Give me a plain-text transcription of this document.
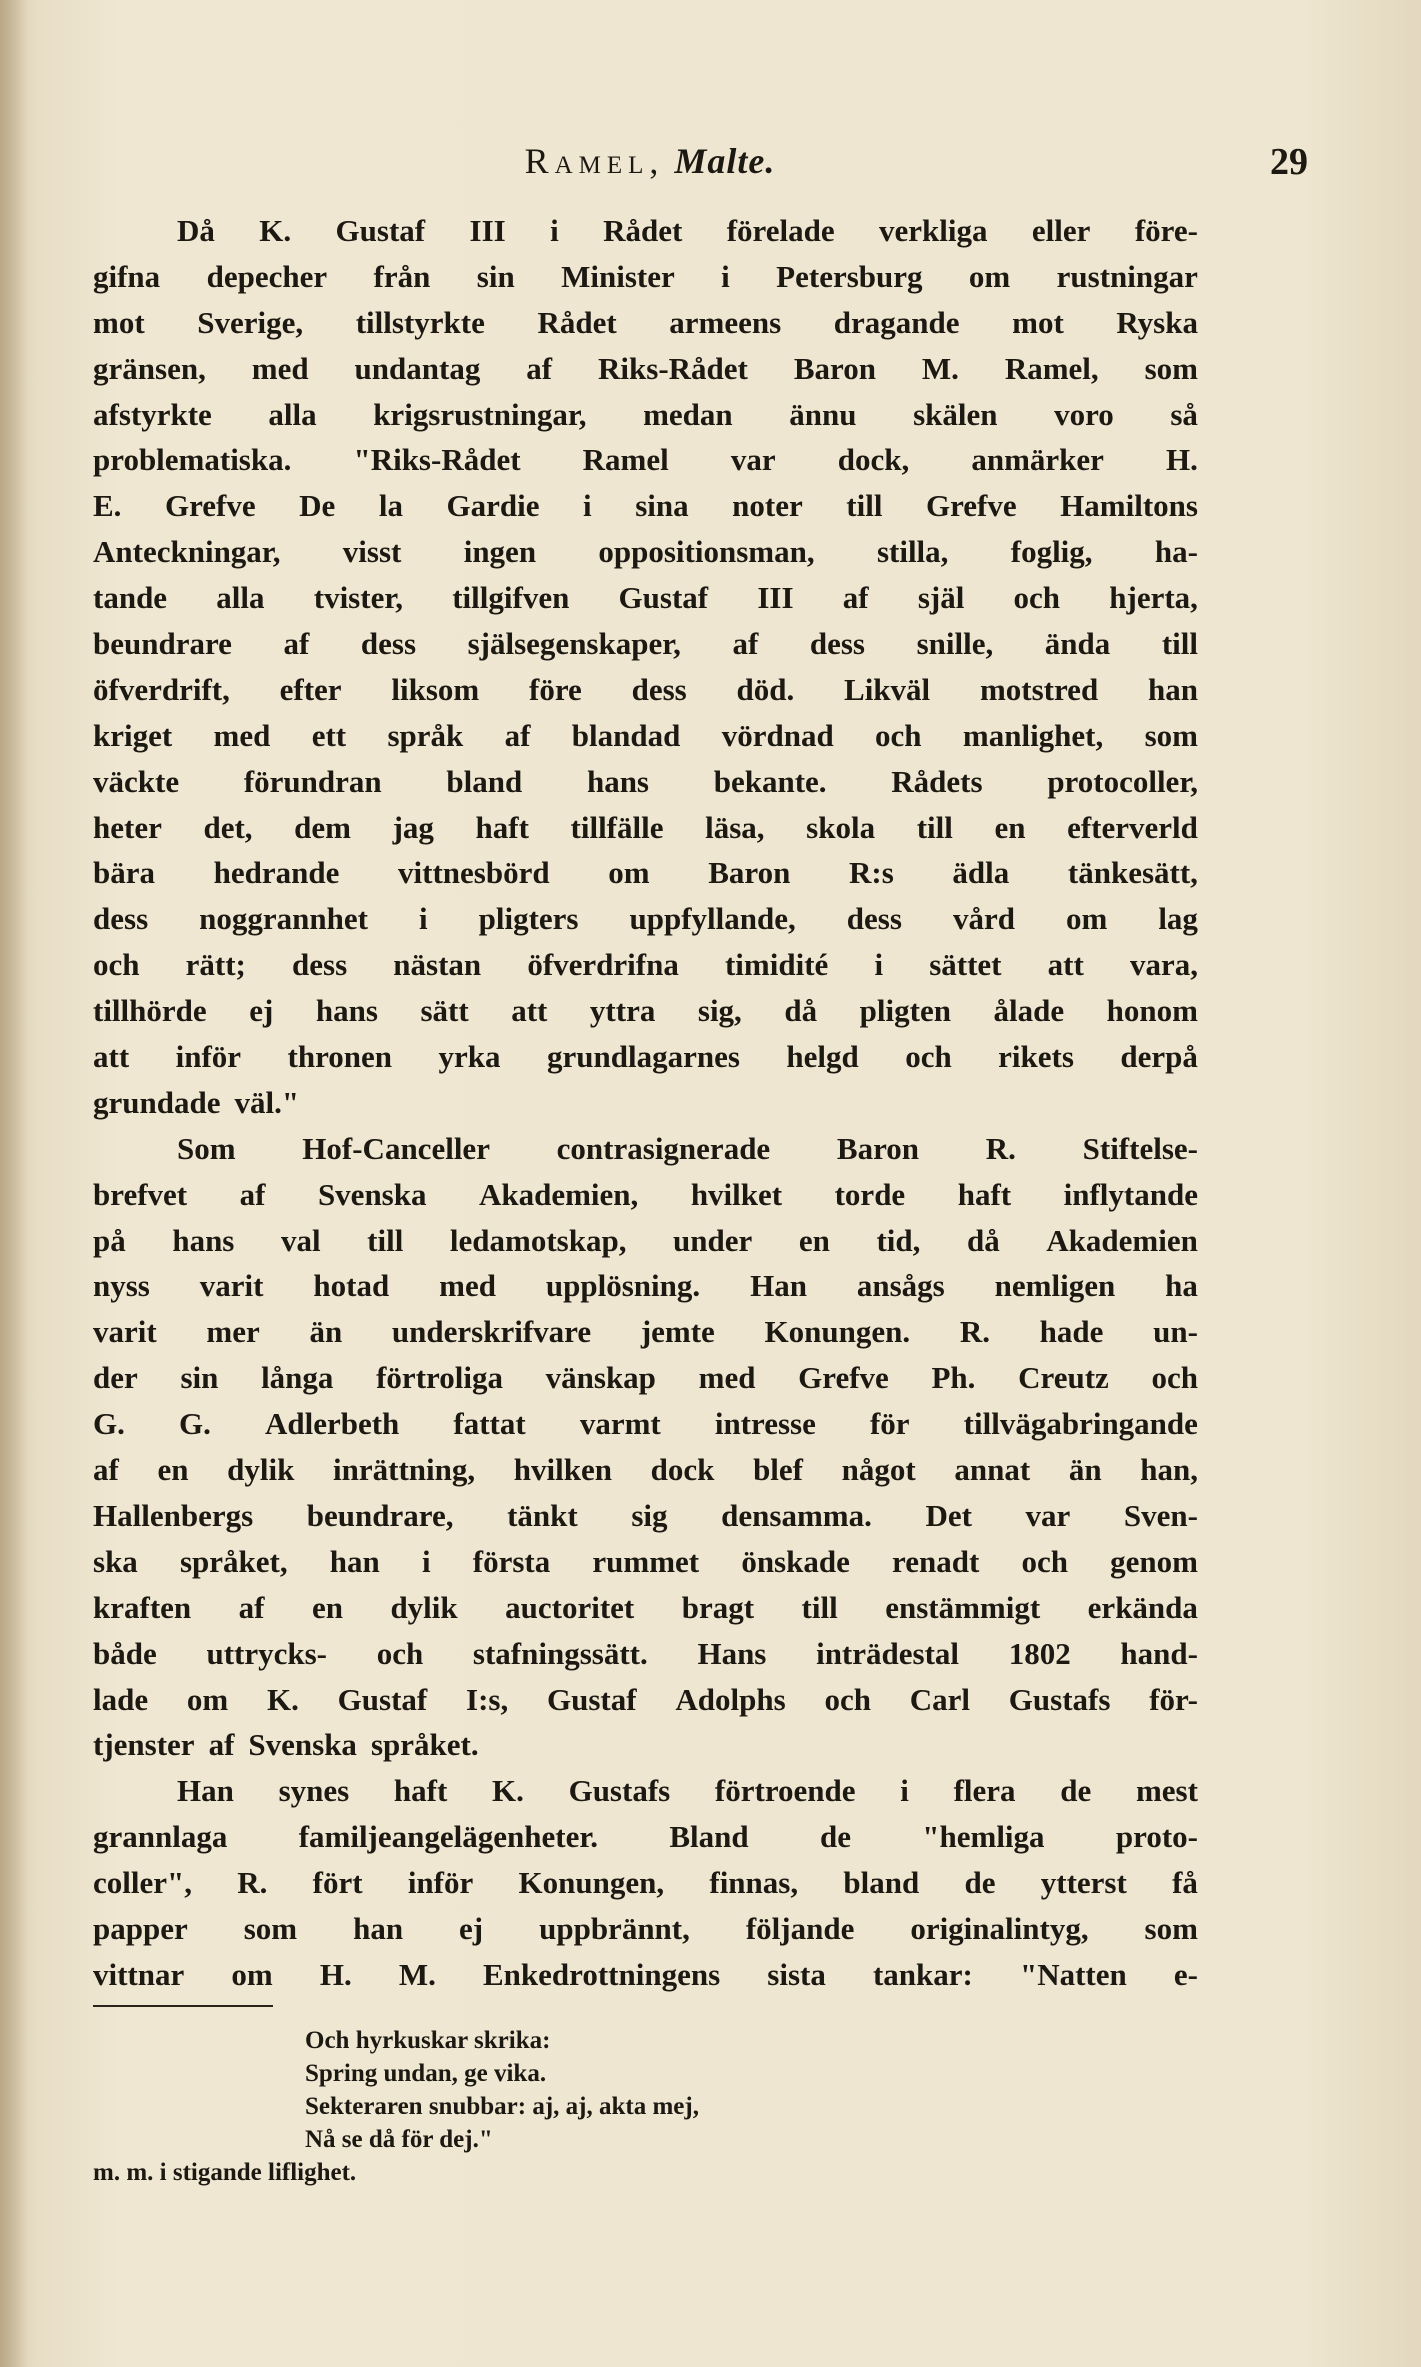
Ramel, Malte.	29
Då K. Gustaf III i Rådet förelade verkliga eller före-
gifna depecher från sin Minister i Petersburg om rustningar
mot Sverige, tillstyrkte Rådet armeens dragande mot Ryska
gränsen, med undantag af Riks-Rådet Baron M. Ramel, som
afstyrkte alla krigsrustningar, medan ännu skälen voro så
problematiska. "Riks-Rådet Ramel var dock, anmärker H.
E. Grefve De la Gardie i sina noter till Grefve Hamiltons
Anteckningar, visst ingen oppositionsman, stilla, foglig, ha-
tande alla tvister, tillgifven Gustaf III af själ och hjerta,
beundrare af dess själsegenskaper, af dess snille, ända till
öfverdrift, efter liksom före dess död. Likväl motstred han
kriget med ett språk af blandad vördnad och manlighet, som
väckte förundran bland hans bekante. Rådets protocoller,
heter det, dem jag haft tillfälle läsa, skola till en efterverld
bära hedrande vittnesbörd om Baron R:s ädla tänkesätt,
dess noggrannhet i pligters uppfyllande, dess vård om lag
och rätt; dess nästan öfverdrifna timidité i sättet att vara,
tillhörde ej hans sätt att yttra sig, då pligten ålade honom
att inför thronen yrka grundlagarnes helgd och rikets derpå
grundade väl."
Som Hof-Canceller contrasignerade Baron R. Stiftelse-
brefvet af Svenska Akademien, hvilket torde haft inflytande
på hans val till ledamotskap, under en tid, då Akademien
nyss varit hotad med upplösning. Han ansågs nemligen ha
varit mer än underskrifvare jemte Konungen. R. hade un-
der sin långa förtroliga vänskap med Grefve Ph. Creutz och
G. G. Adlerbeth fattat varmt intresse för tillvägabringande
af en dylik inrättning, hvilken dock blef något annat än han,
Hallenbergs beundrare, tänkt sig densamma. Det var Sven-
ska språket, han i första rummet önskade renadt och genom
kraften af en dylik auctoritet bragt till enstämmigt erkända
både uttrycks- och stafningssätt. Hans inträdestal 1802 hand-
lade om K. Gustaf I:s, Gustaf Adolphs och Carl Gustafs för-
tjenster af Svenska språket.
Han synes haft K. Gustafs förtroende i flera de mest
grannlaga familjeangelägenheter. Bland de "hemliga proto-
coller", R. fört inför Konungen, finnas, bland de ytterst få
papper som han ej uppbrännt, följande originalintyg, som
vittnar om H. M. Enkedrottningens sista tankar: "Natten e-
Och hyrkuskar skrika:
Spring undan, ge vika.
Sekteraren snubbar: aj, aj, akta mej,
Nå se då för dej."
m. m. i stigande liflighet.
